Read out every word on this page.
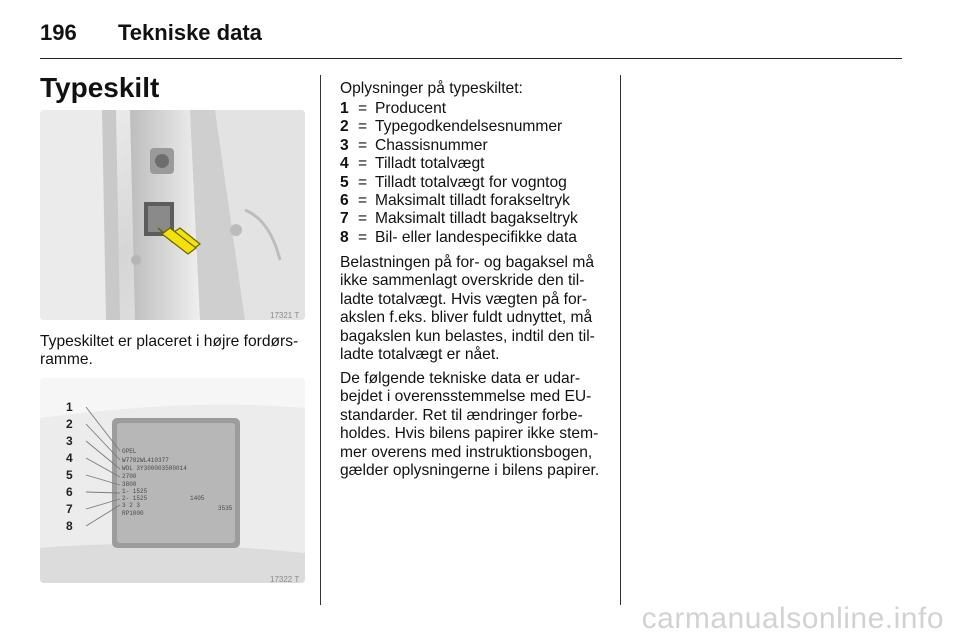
196 Tekniske data
Typeskilt
17321 T
Typeskiltet er placeret i højre fordørs-
ramme.
OPEL
W7782WL410377
WOL 3Y300003500014
2700
3800
1- 1525
2- 1525
3 2 3
RP1000
1405
3535
1
2
3
4
5
6
7
8
17322 T
Oplysninger på typeskiltet:
1 = Producent
2 = Typegodkendelsesnummer
3 = Chassisnummer
4 = Tilladt totalvægt
5 = Tilladt totalvægt for vogntog
6 = Maksimalt tilladt forakseltryk
7 = Maksimalt tilladt bagakseltryk
8 = Bil- eller landespecifikke data
Belastningen på for- og bagaksel må
ikke sammenlagt overskride den til-
ladte totalvægt. Hvis vægten på for-
akslen f.eks. bliver fuldt udnyttet, må
bagakslen kun belastes, indtil den til-
ladte totalvægt er nået.
De følgende tekniske data er udar-
bejdet i overensstemmelse med EU-
standarder. Ret til ændringer forbe-
holdes. Hvis bilens papirer ikke stem-
mer overens med instruktionsbogen,
gælder oplysningerne i bilens papirer.
carmanualsonline.info
